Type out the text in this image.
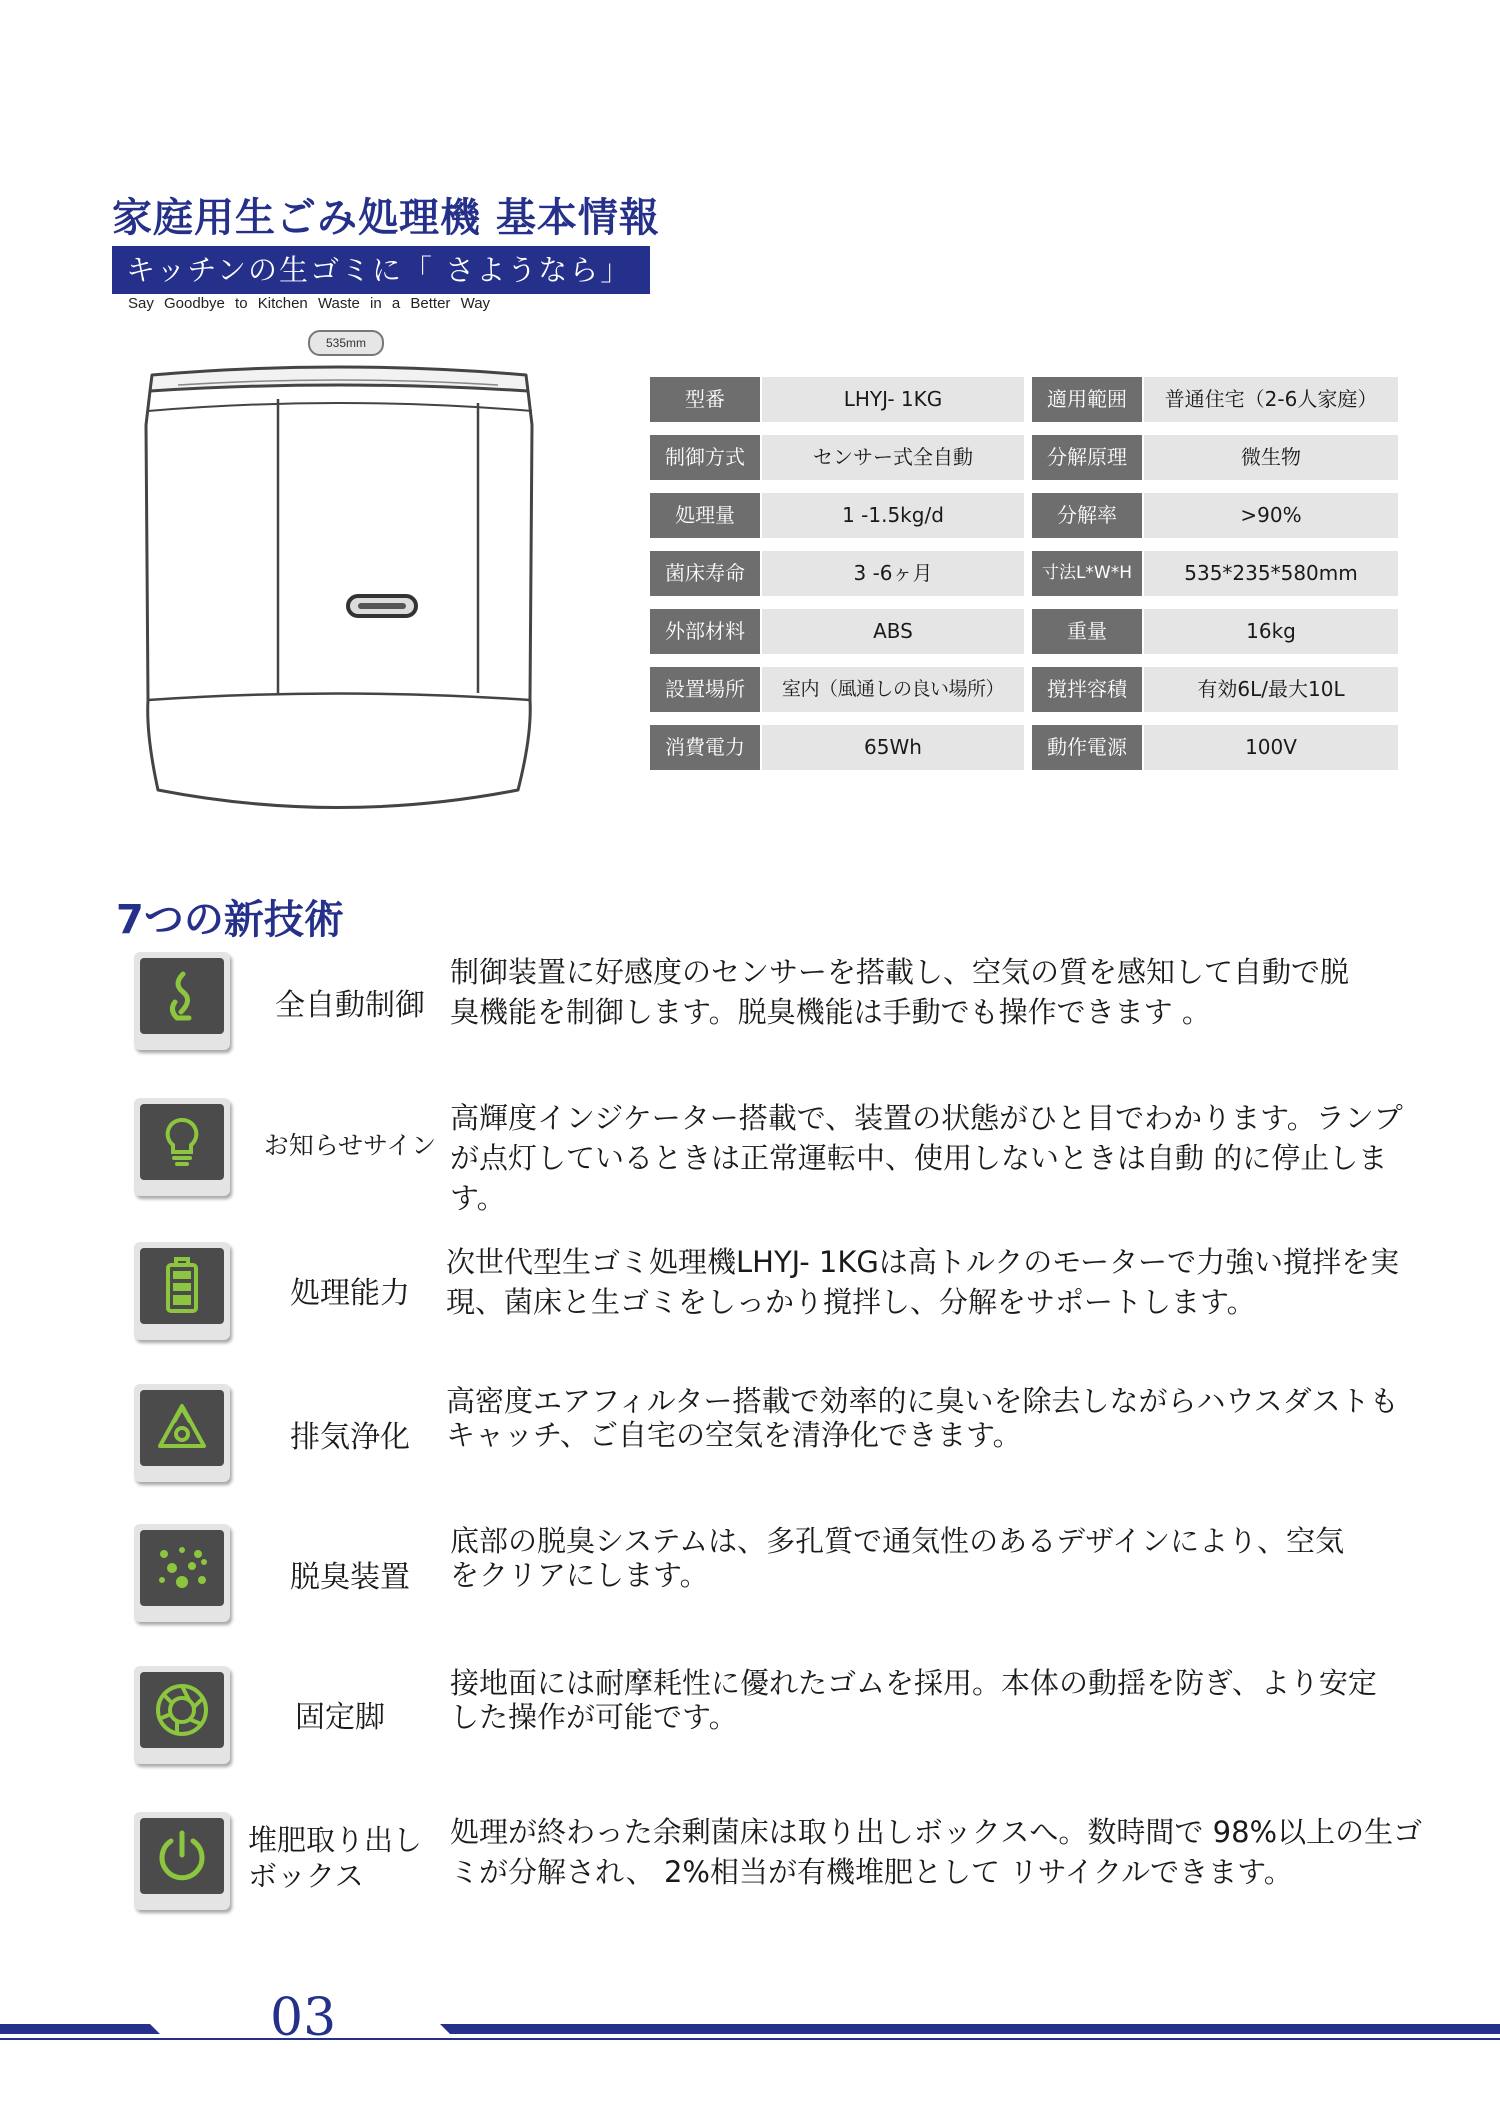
家庭用生ごみ処理機 基本情報
キッチンの生ゴミに「 さようなら」
Say Goodbye to Kitchen Waste in a Better Way
535mm
型番	LHYJ- 1KG	適用範囲	普通住宅（2-6人家庭）
制御方式	センサー式全自動	分解原理	微生物
処理量	1 -1.5kg/d	分解率	>90%
菌床寿命	3 -6ヶ月	寸法L*W*H	535*235*580mm
外部材料	ABS	重量	16kg
設置場所	室内（風通しの良い場所）	撹拌容積	有効6L/最大10L
消費電力	65Wh	動作電源	100V
7つの新技術
全自動制御

制御装置に好感度のセンサーを搭載し、空気の質を感知して自動で脱臭機能を制御します。脱臭機能は手動でも操作できます 。

お知らせサイン

高輝度インジケーター搭載で、装置の状態がひと目でわかります。ランプが点灯しているときは正常運転中、使用しないときは自動 的に停止します。

処理能力

次世代型生ゴミ処理機LHYJ- 1KGは高トルクのモーターで力強い撹拌を実現、菌床と生ゴミをしっかり撹拌し、分解をサポートします。

排気浄化

高密度エアフィルター搭載で効率的に臭いを除去しながらハウスダストもキャッチ、ご自宅の空気を清浄化できます。

脱臭装置

底部の脱臭システムは、多孔質で通気性のあるデザインにより、空気をクリアにします。

固定脚

接地面には耐摩耗性に優れたゴムを採用。本体の動揺を防ぎ、より安定した操作が可能です。

堆肥取り出しボックス

処理が終わった余剰菌床は取り出しボックスへ。数時間で 98%以上の生ゴミが分解され、 2%相当が有機堆肥として リサイクルできます。

03
